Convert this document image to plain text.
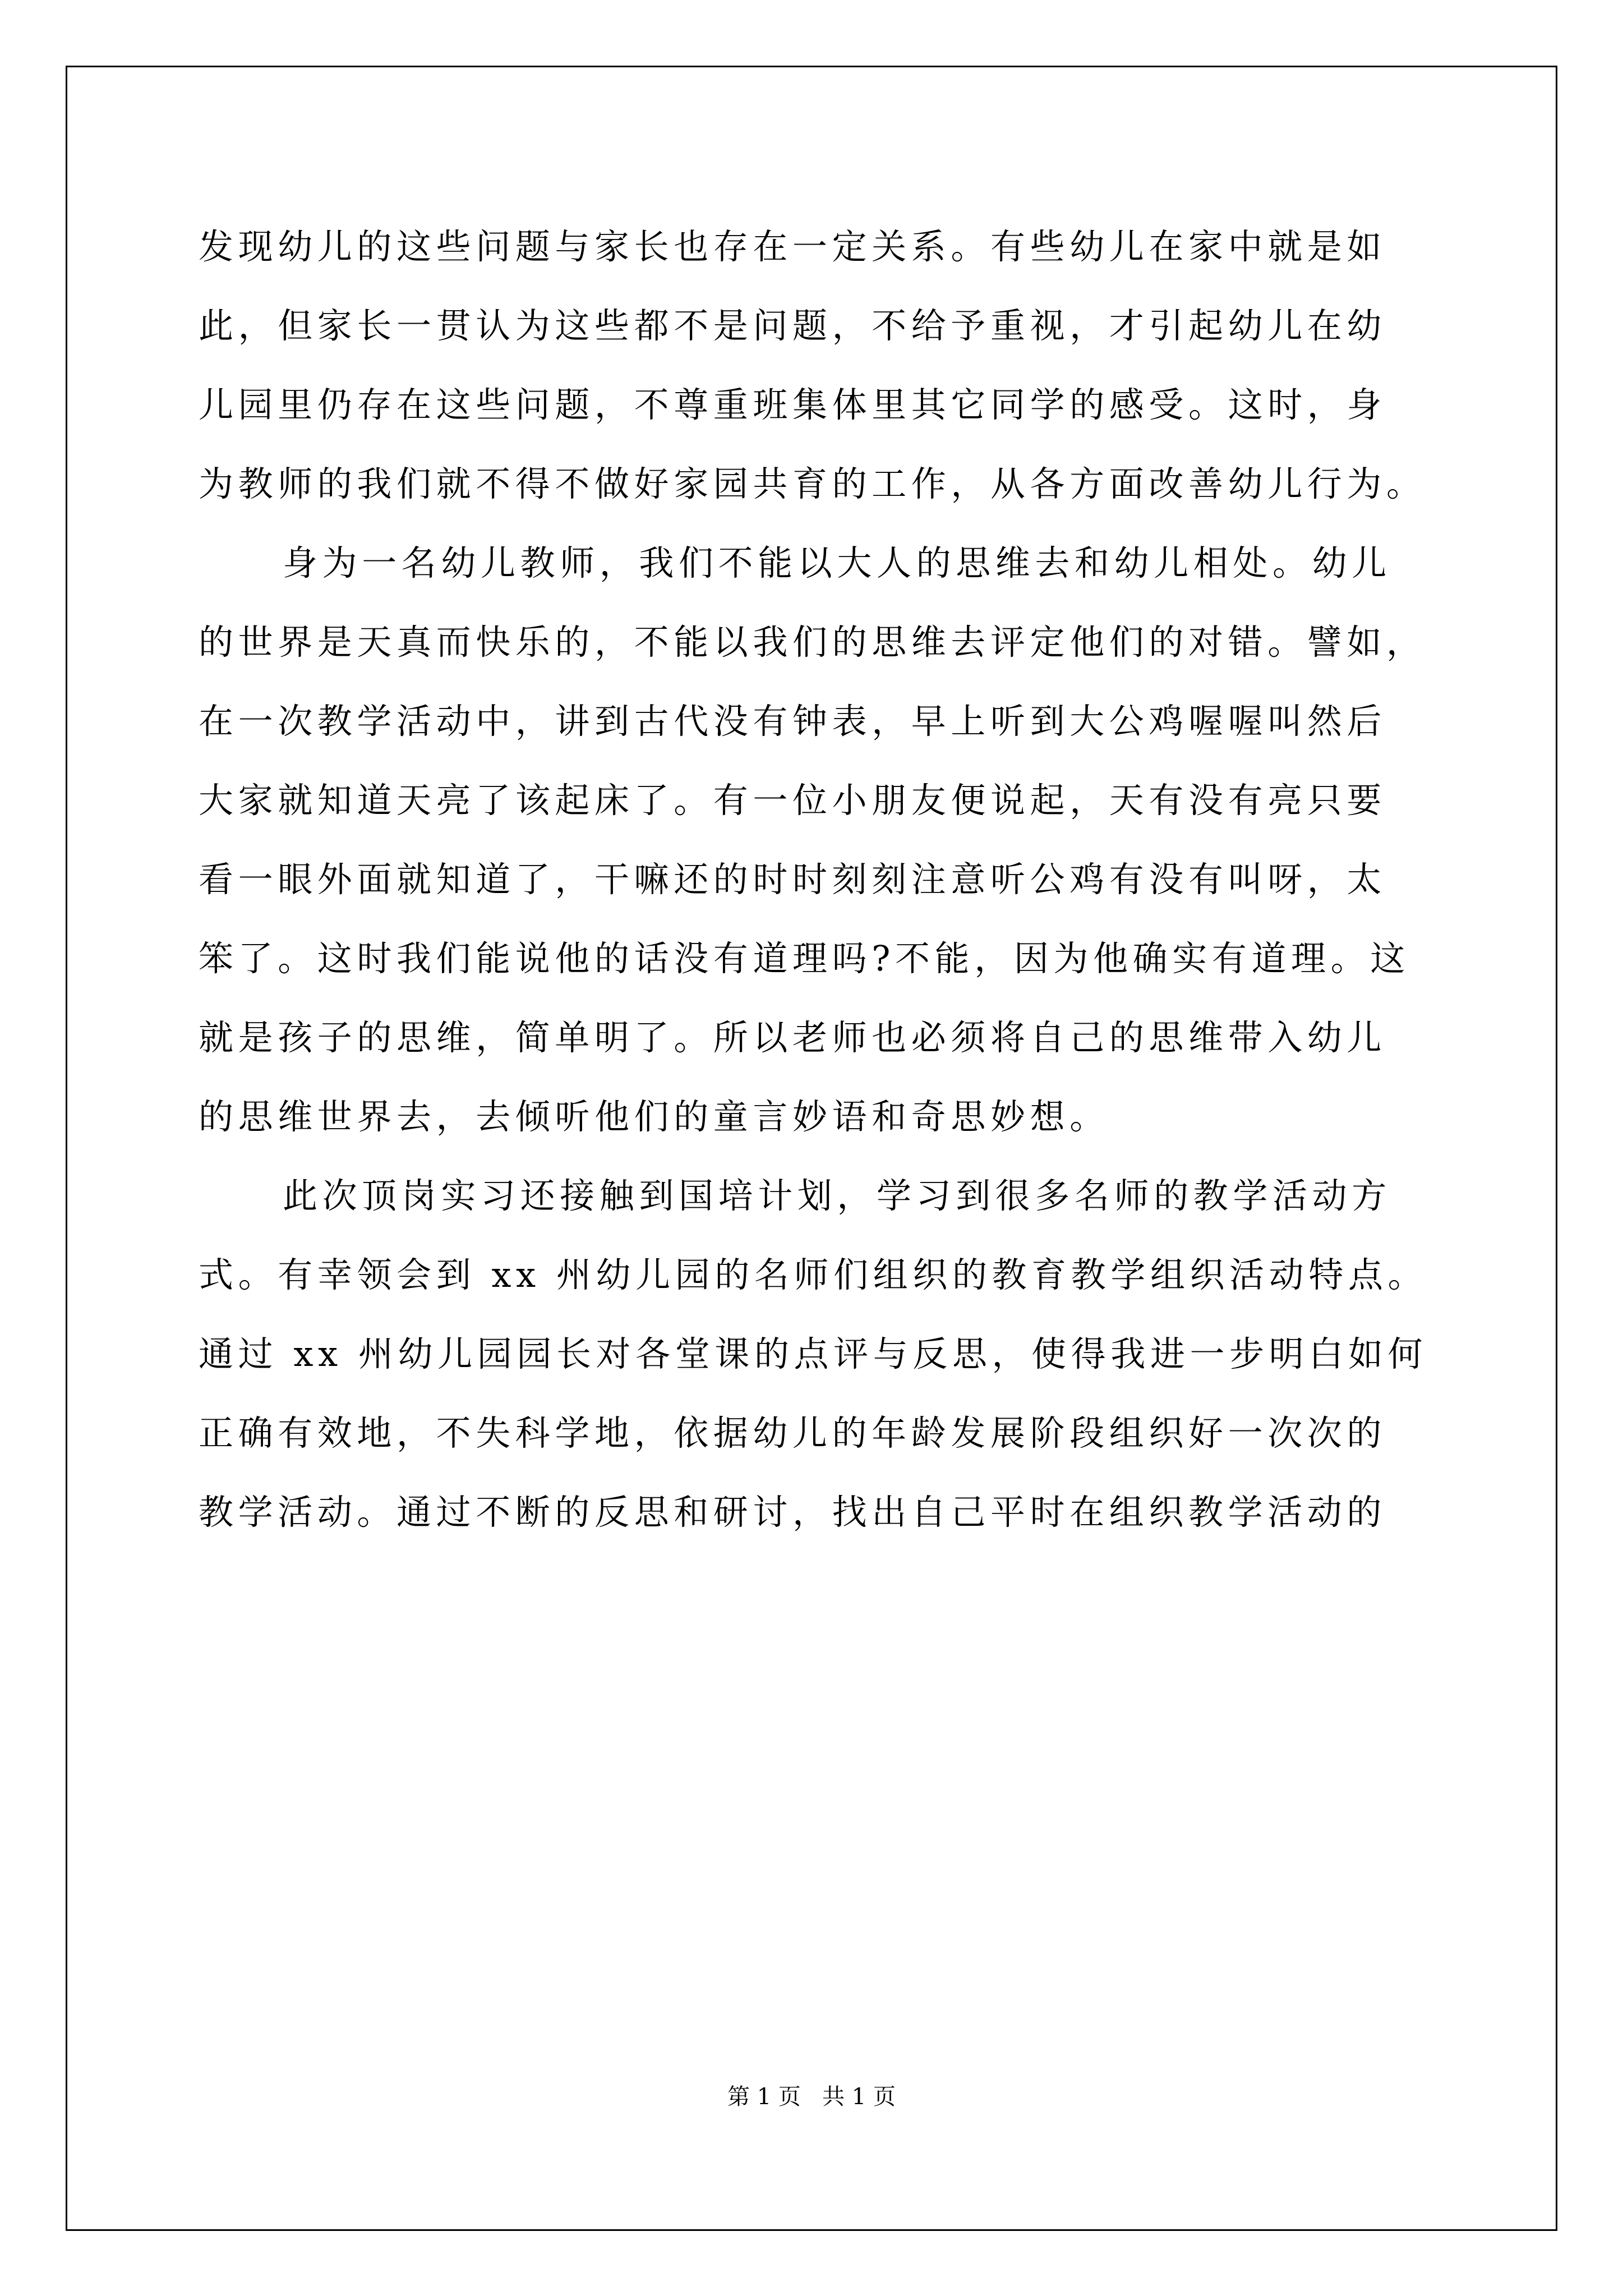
发现幼儿的这些问题与家长也存在一定关系。有些幼儿在家中就是如

此，但家长一贯认为这些都不是问题，不给予重视，才引起幼儿在幼

儿园里仍存在这些问题，不尊重班集体里其它同学的感受。这时，身

为教师的我们就不得不做好家园共育的工作，从各方面改善幼儿行为。

身为一名幼儿教师，我们不能以大人的思维去和幼儿相处。幼儿

的世界是天真而快乐的，不能以我们的思维去评定他们的对错。譬如，

在一次教学活动中，讲到古代没有钟表，早上听到大公鸡喔喔叫然后

大家就知道天亮了该起床了。有一位小朋友便说起，天有没有亮只要

看一眼外面就知道了，干嘛还的时时刻刻注意听公鸡有没有叫呀，太

笨了。这时我们能说他的话没有道理吗?不能，因为他确实有道理。这

就是孩子的思维，简单明了。所以老师也必须将自己的思维带入幼儿

的思维世界去，去倾听他们的童言妙语和奇思妙想。

此次顶岗实习还接触到国培计划，学习到很多名师的教学活动方

式。有幸领会到 xx 州幼儿园的名师们组织的教育教学组织活动特点。

通过 xx 州幼儿园园长对各堂课的点评与反思，使得我进一步明白如何

正确有效地，不失科学地，依据幼儿的年龄发展阶段组织好一次次的

教学活动。通过不断的反思和研讨，找出自己平时在组织教学活动的

第 1 页   共 1 页
